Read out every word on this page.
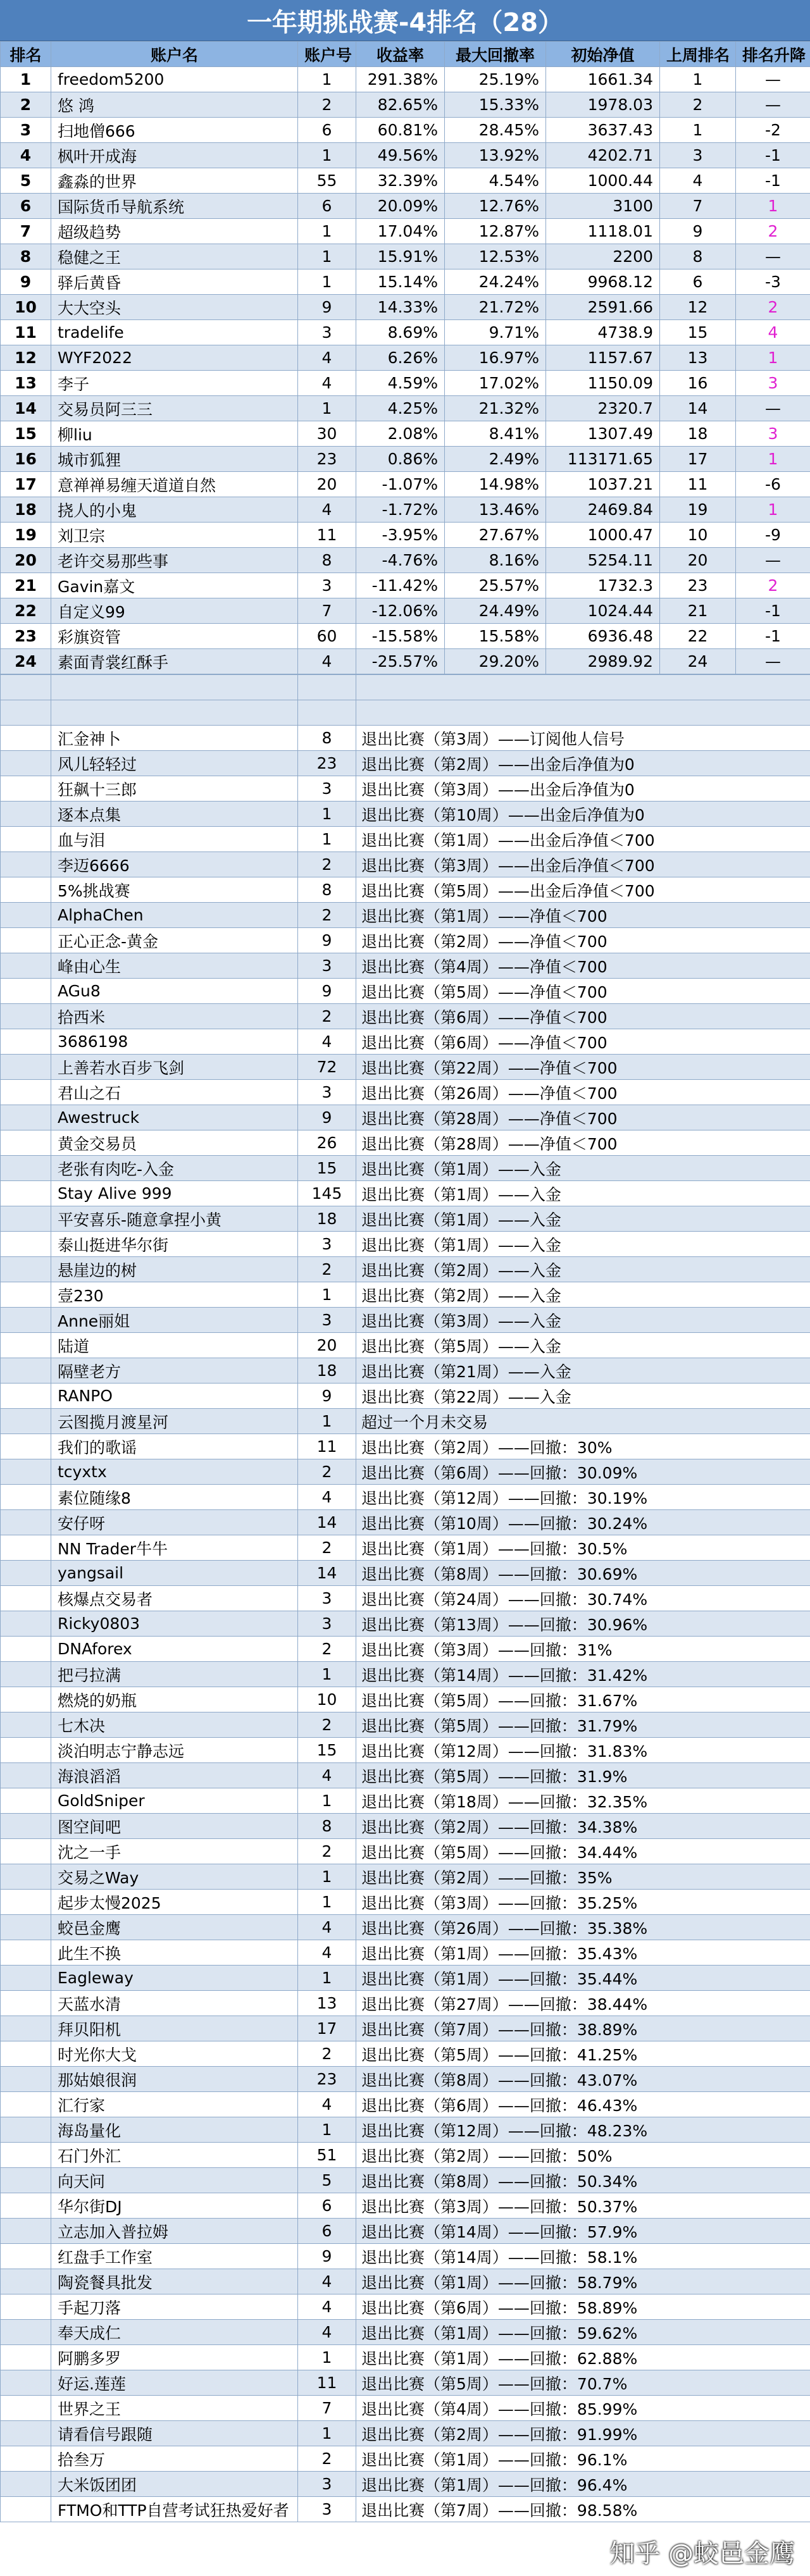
一年期挑战赛-4排名（28）
排名	账户名	账户号	收益率	最大回撤率	初始净值	上周排名	排名升降
1	freedom5200	1	291.38%	25.19%	1661.34	1	—
2	悠 鸿	2	82.65%	15.33%	1978.03	2	—
3	扫地僧666	6	60.81%	28.45%	3637.43	1	-2
4	枫叶开成海	1	49.56%	13.92%	4202.71	3	-1
5	鑫淼的世界	55	32.39%	4.54%	1000.44	4	-1
6	国际货币导航系统	6	20.09%	12.76%	3100	7	1
7	超级趋势	1	17.04%	12.87%	1118.01	9	2
8	稳健之王	1	15.91%	12.53%	2200	8	—
9	驿后黄昏	1	15.14%	24.24%	9968.12	6	-3
10	大大空头	9	14.33%	21.72%	2591.66	12	2
11	tradelife	3	8.69%	9.71%	4738.9	15	4
12	WYF2022	4	6.26%	16.97%	1157.67	13	1
13	李子	4	4.59%	17.02%	1150.09	16	3
14	交易员阿三三	1	4.25%	21.32%	2320.7	14	—
15	柳liu	30	2.08%	8.41%	1307.49	18	3
16	城市狐狸	23	0.86%	2.49%	113171.65	17	1
17	意禅禅易缠天道道自然	20	-1.07%	14.98%	1037.21	11	-6
18	挠人的小鬼	4	-1.72%	13.46%	2469.84	19	1
19	刘卫宗	11	-3.95%	27.67%	1000.47	10	-9
20	老许交易那些事	8	-4.76%	8.16%	5254.11	20	—
21	Gavin嘉文	3	-11.42%	25.57%	1732.3	23	2
22	自定义99	7	-12.06%	24.49%	1024.44	21	-1
23	彩旗资管	60	-15.58%	15.58%	6936.48	22	-1
24	素面青裳红酥手	4	-25.57%	29.20%	2989.92	24	—

	汇金神卜	8	退出比赛（第3周）——订阅他人信号
	风儿轻轻过	23	退出比赛（第2周）——出金后净值为0
	狂飙十三郎	3	退出比赛（第3周）——出金后净值为0
	逐本点集	1	退出比赛（第10周）——出金后净值为0
	血与泪	1	退出比赛（第1周）——出金后净值＜700
	李迈6666	2	退出比赛（第3周）——出金后净值＜700
	5%挑战赛	8	退出比赛（第5周）——出金后净值＜700
	AlphaChen	2	退出比赛（第1周）——净值＜700
	正心正念-黄金	9	退出比赛（第2周）——净值＜700
	峰由心生	3	退出比赛（第4周）——净值＜700
	AGu8	9	退出比赛（第5周）——净值＜700
	拾西米	2	退出比赛（第6周）——净值＜700
	3686198	4	退出比赛（第6周）——净值＜700
	上善若水百步飞剑	72	退出比赛（第22周）——净值＜700
	君山之石	3	退出比赛（第26周）——净值＜700
	Awestruck	9	退出比赛（第28周）——净值＜700
	黄金交易员	26	退出比赛（第28周）——净值＜700
	老张有肉吃-入金	15	退出比赛（第1周）——入金
	Stay Alive 999	145	退出比赛（第1周）——入金
	平安喜乐-随意拿捏小黄	18	退出比赛（第1周）——入金
	泰山挺进华尔街	3	退出比赛（第1周）——入金
	悬崖边的树	2	退出比赛（第2周）——入金
	壹230	1	退出比赛（第2周）——入金
	Anne丽姐	3	退出比赛（第3周）——入金
	陆道	20	退出比赛（第5周）——入金
	隔壁老方	18	退出比赛（第21周）——入金
	RANPO	9	退出比赛（第22周）——入金
	云图揽月渡星河	1	超过一个月未交易
	我们的歌谣	11	退出比赛（第2周）——回撤：30%
	tcyxtx	2	退出比赛（第6周）——回撤：30.09%
	素位随缘8	4	退出比赛（第12周）——回撤：30.19%
	安仔呀	14	退出比赛（第10周）——回撤：30.24%
	NN Trader牛牛	2	退出比赛（第1周）——回撤：30.5%
	yangsail	14	退出比赛（第8周）——回撤：30.69%
	核爆点交易者	3	退出比赛（第24周）——回撤：30.74%
	Ricky0803	3	退出比赛（第13周）——回撤：30.96%
	DNAforex	2	退出比赛（第3周）——回撤：31%
	把弓拉满	1	退出比赛（第14周）——回撤：31.42%
	燃烧的奶瓶	10	退出比赛（第5周）——回撤：31.67%
	七木决	2	退出比赛（第5周）——回撤：31.79%
	淡泊明志宁静志远	15	退出比赛（第12周）——回撤：31.83%
	海浪滔滔	4	退出比赛（第5周）——回撤：31.9%
	GoldSniper	1	退出比赛（第18周）——回撤：32.35%
	图空间吧	8	退出比赛（第2周）——回撤：34.38%
	沈之一手	2	退出比赛（第5周）——回撤：34.44%
	交易之Way	1	退出比赛（第2周）——回撤：35%
	起步太慢2025	1	退出比赛（第3周）——回撤：35.25%
	蛟邑金鹰	4	退出比赛（第26周）——回撤：35.38%
	此生不换	4	退出比赛（第1周）——回撤：35.43%
	Eagleway	1	退出比赛（第1周）——回撤：35.44%
	天蓝水清	13	退出比赛（第27周）——回撤：38.44%
	拜贝阳机	17	退出比赛（第7周）——回撤：38.89%
	时光你大戈	2	退出比赛（第5周）——回撤：41.25%
	那姑娘很润	23	退出比赛（第8周）——回撤：43.07%
	汇行家	4	退出比赛（第6周）——回撤：46.43%
	海岛量化	1	退出比赛（第12周）——回撤：48.23%
	石门外汇	51	退出比赛（第2周）——回撤：50%
	向天问	5	退出比赛（第8周）——回撤：50.34%
	华尔街DJ	6	退出比赛（第3周）——回撤：50.37%
	立志加入普拉姆	6	退出比赛（第14周）——回撤：57.9%
	红盘手工作室	9	退出比赛（第14周）——回撤：58.1%
	陶瓷餐具批发	4	退出比赛（第1周）——回撤：58.79%
	手起刀落	4	退出比赛（第6周）——回撤：58.89%
	奉天成仁	4	退出比赛（第1周）——回撤：59.62%
	阿鹏多罗	1	退出比赛（第1周）——回撤：62.88%
	好运.莲莲	11	退出比赛（第5周）——回撤：70.7%
	世界之王	7	退出比赛（第4周）——回撤：85.99%
	请看信号跟随	1	退出比赛（第2周）——回撤：91.99%
	拾叁万	2	退出比赛（第1周）——回撤：96.1%
	大米饭团团	3	退出比赛（第1周）——回撤：96.4%
	FTMO和TTP自营考试狂热爱好者	3	退出比赛（第7周）——回撤：98.58%
知乎 @蛟邑金鹰
